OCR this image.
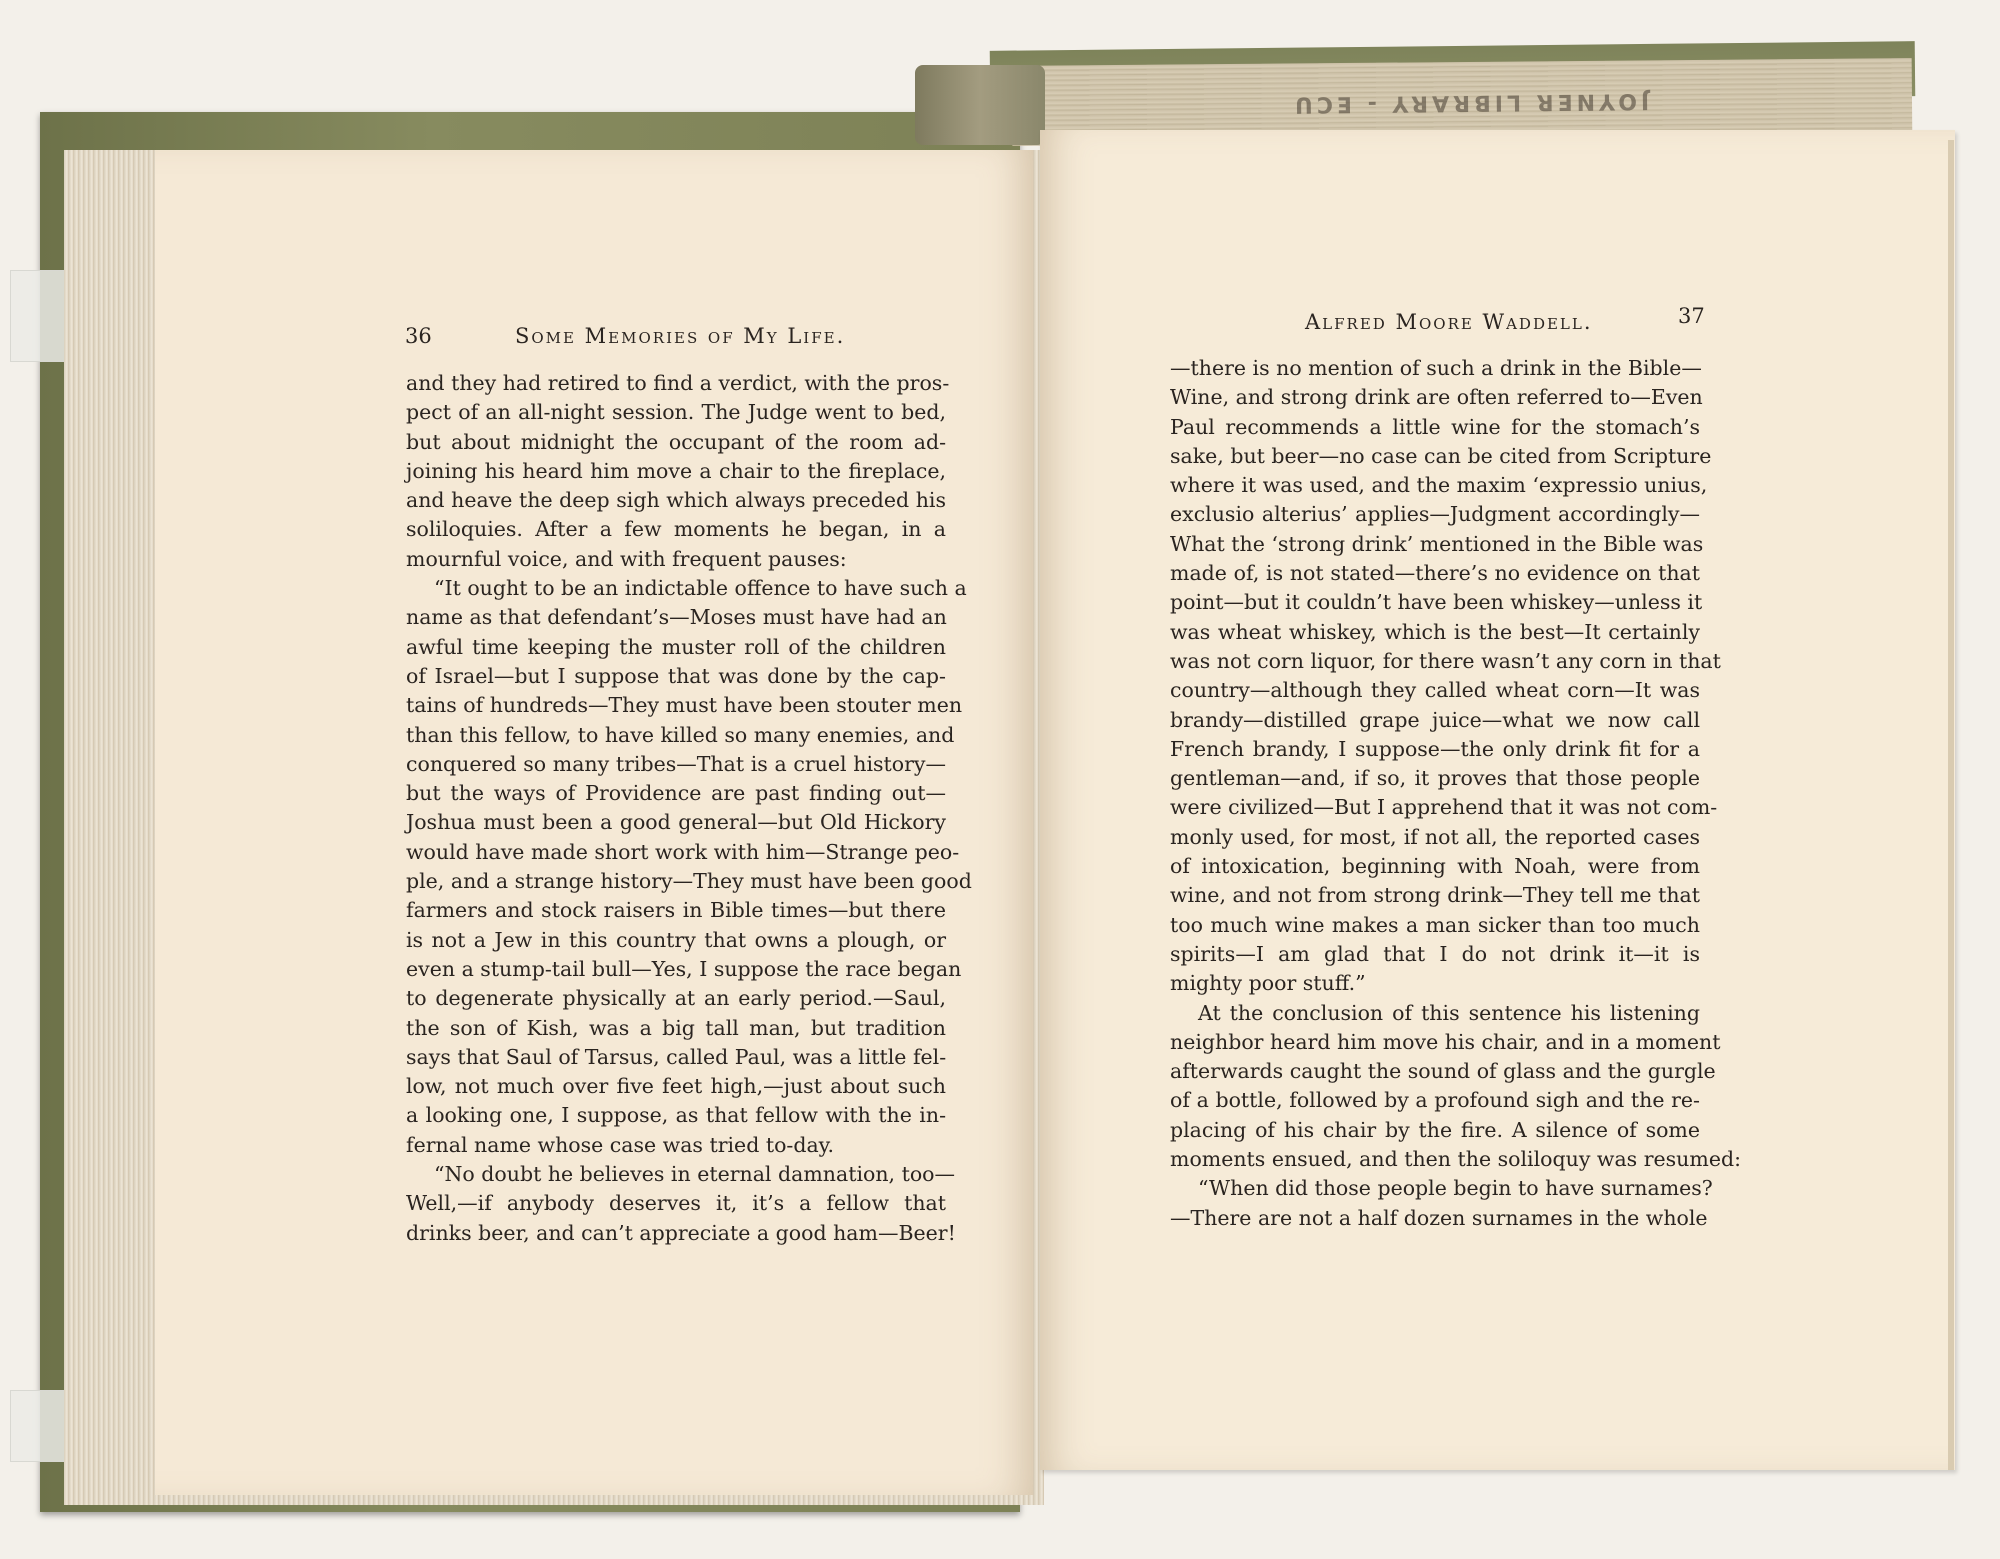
JOYNER LIBRARY - ECU
36	Some Memories of My Life.
and they had retired to find a verdict, with the pros-
pect of an all-night session. The Judge went to bed,
but about midnight the occupant of the room ad-
joining his heard him move a chair to the fireplace,
and heave the deep sigh which always preceded his
soliloquies. After a few moments he began, in a
mournful voice, and with frequent pauses:
“It ought to be an indictable offence to have such a
name as that defendant’s—Moses must have had an
awful time keeping the muster roll of the children
of Israel—but I suppose that was done by the cap-
tains of hundreds—They must have been stouter men
than this fellow, to have killed so many enemies, and
conquered so many tribes—That is a cruel history—
but the ways of Providence are past finding out—
Joshua must been a good general—but Old Hickory
would have made short work with him—Strange peo-
ple, and a strange history—They must have been good
farmers and stock raisers in Bible times—but there
is not a Jew in this country that owns a plough, or
even a stump-tail bull—Yes, I suppose the race began
to degenerate physically at an early period.—Saul,
the son of Kish, was a big tall man, but tradition
says that Saul of Tarsus, called Paul, was a little fel-
low, not much over five feet high,—just about such
a looking one, I suppose, as that fellow with the in-
fernal name whose case was tried to-day.
“No doubt he believes in eternal damnation, too—
Well,—if anybody deserves it, it’s a fellow that
drinks beer, and can’t appreciate a good ham—Beer!
Alfred Moore Waddell.	37
—there is no mention of such a drink in the Bible—
Wine, and strong drink are often referred to—Even
Paul recommends a little wine for the stomach’s
sake, but beer—no case can be cited from Scripture
where it was used, and the maxim ‘expressio unius,
exclusio alterius’ applies—Judgment accordingly—
What the ‘strong drink’ mentioned in the Bible was
made of, is not stated—there’s no evidence on that
point—but it couldn’t have been whiskey—unless it
was wheat whiskey, which is the best—It certainly
was not corn liquor, for there wasn’t any corn in that
country—although they called wheat corn—It was
brandy—distilled grape juice—what we now call
French brandy, I suppose—the only drink fit for a
gentleman—and, if so, it proves that those people
were civilized—But I apprehend that it was not com-
monly used, for most, if not all, the reported cases
of intoxication, beginning with Noah, were from
wine, and not from strong drink—They tell me that
too much wine makes a man sicker than too much
spirits—I am glad that I do not drink it—it is
mighty poor stuff.”
At the conclusion of this sentence his listening
neighbor heard him move his chair, and in a moment
afterwards caught the sound of glass and the gurgle
of a bottle, followed by a profound sigh and the re-
placing of his chair by the fire. A silence of some
moments ensued, and then the soliloquy was resumed:
“When did those people begin to have surnames?
—There are not a half dozen surnames in the whole
